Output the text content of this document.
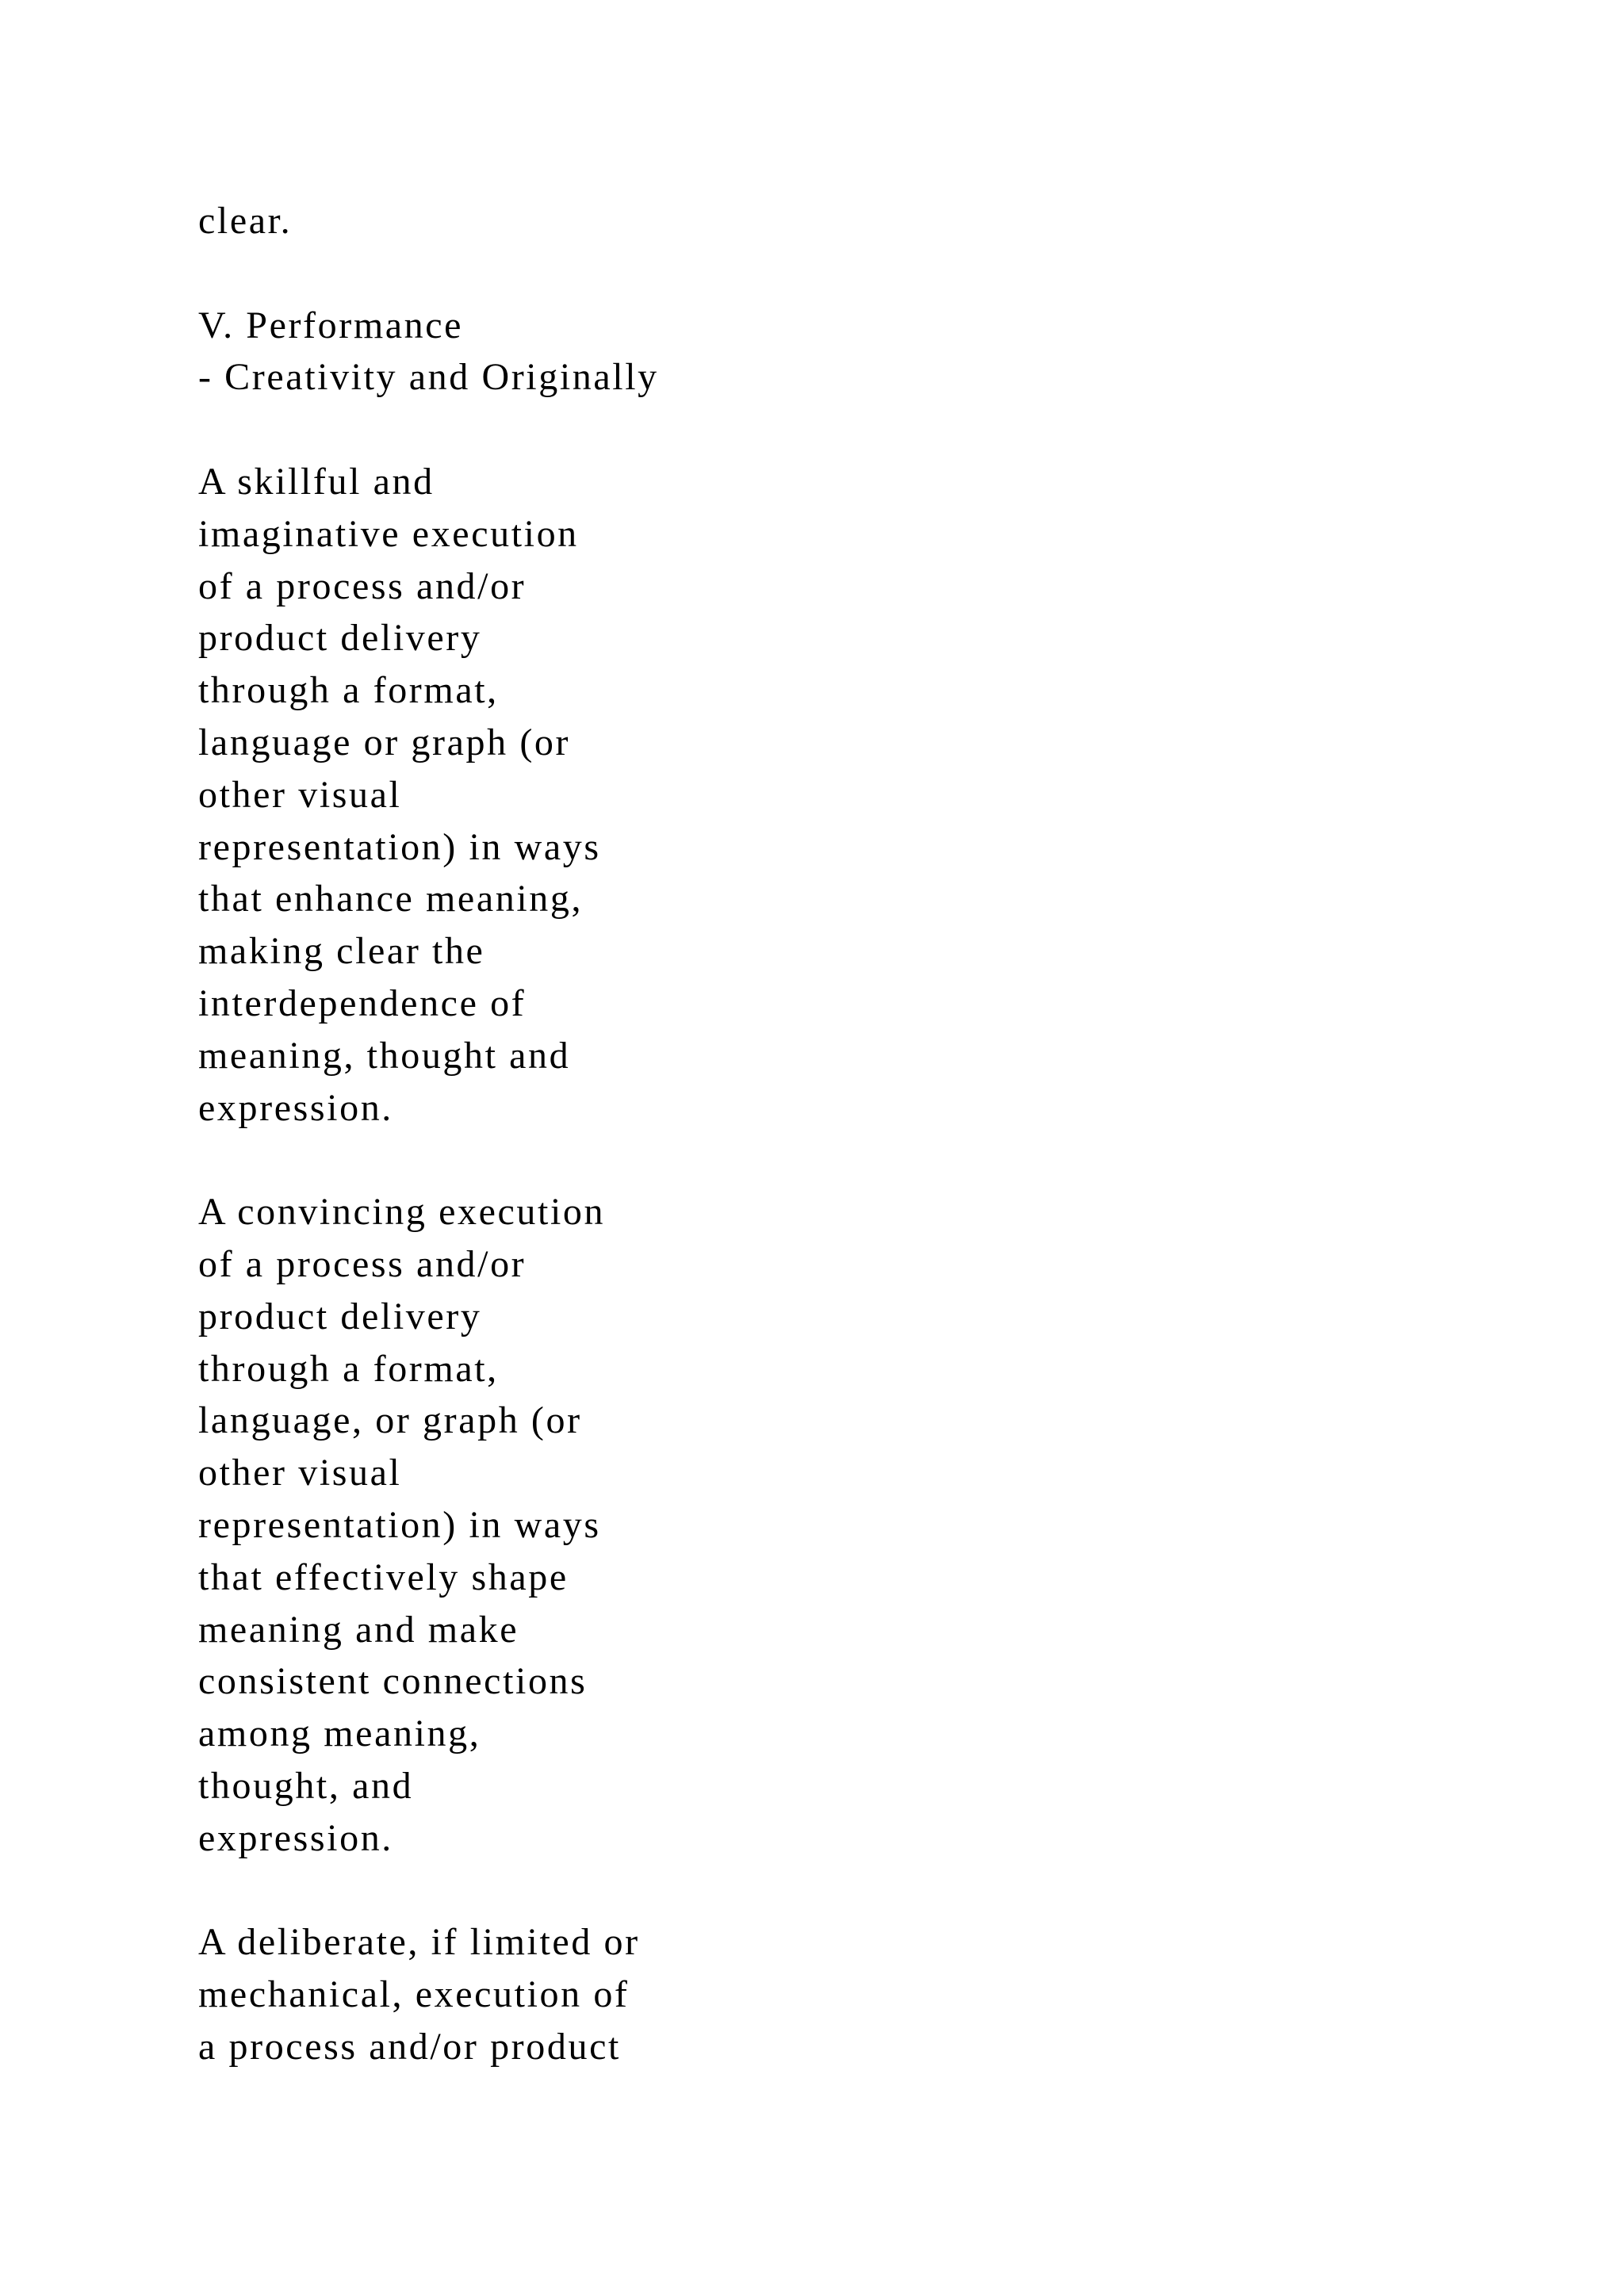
clear.
V. Performance
- Creativity and Originally
A skillful and
imaginative execution
of a process and/or
product delivery
through a format,
language or graph (or
other visual
representation) in ways
that enhance meaning,
making clear the
interdependence of
meaning, thought and
expression.
A convincing execution
of a process and/or
product delivery
through a format,
language, or graph (or
other visual
representation) in ways
that effectively shape
meaning and make
consistent connections
among meaning,
thought, and
expression.
A deliberate, if limited or
mechanical, execution of
a process and/or product
